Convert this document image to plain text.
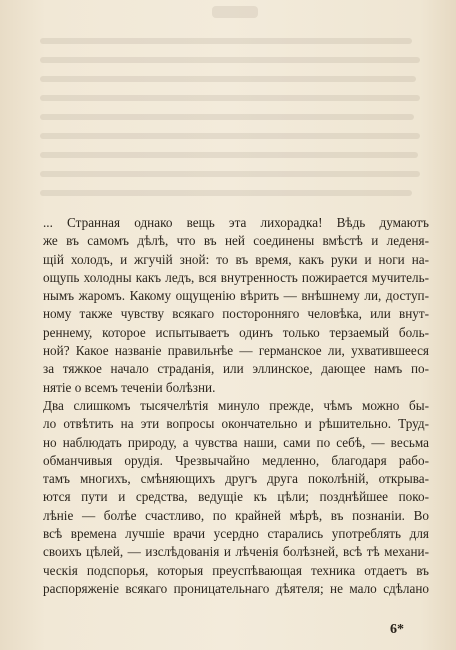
... Странная однако вещь эта лихорадка! Вѣдь думаютъ
же въ самомъ дѣлѣ, что въ ней соединены вмѣстѣ и леденя-
щій холодъ, и жгучій зной: то въ время, какъ руки и ноги на-
ощупь холодны какъ ледъ, вся внутренность пожирается мучитель-
нымъ жаромъ. Какому ощущенію вѣрить — внѣшнему ли, доступ-
ному также чувству всякаго посторонняго человѣка, или внут-
реннему, которое испытываетъ одинъ только терзаемый боль-
ной? Какое названіе правильнѣе — германское ли, ухватившееся
за тяжкое начало страданія, или эллинское, дающее намъ по-
нятіе о всемъ теченіи болѣзни.
Два слишкомъ тысячелѣтія минуло прежде, чѣмъ можно бы-
ло отвѣтить на эти вопросы окончательно и рѣшительно. Труд-
но наблюдать природу, а чувства наши, сами по себѣ, — весьма
обманчивыя орудія. Чрезвычайно медленно, благодаря рабо-
тамъ многихъ, смѣняющихъ другъ друга поколѣній, открыва-
ются пути и средства, ведущіе къ цѣли; позднѣйшее поко-
лѣніе — болѣе счастливо, по крайней мѣрѣ, въ познаніи. Во
всѣ времена лучшіе врачи усердно старались употреблять для
своихъ цѣлей, — изслѣдованія и лѣченія болѣзней, всѣ тѣ механи-
ческія подспорья, которыя преуспѣвающая техника отдаетъ въ
распоряженіе всякаго проницательнаго дѣятеля; не мало сдѣлано
6*
